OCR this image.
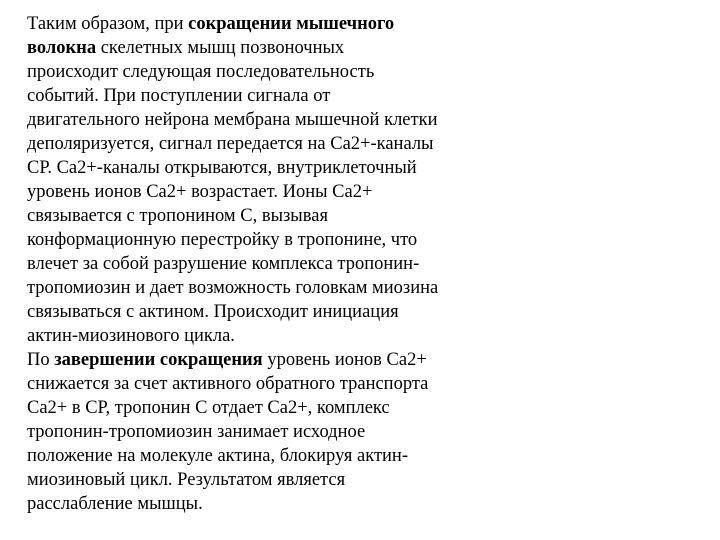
Таким образом, при сокращении мышечного
волокна скелетных мышц позвоночных
происходит следующая последовательность
событий. При поступлении сигнала от
двигательного нейрона мембрана мышечной клетки
деполяризуется, сигнал передается на Са2+-каналы
СР. Са2+-каналы открываются, внутриклеточный
уровень ионов Са2+ возрастает. Ионы Са2+
связывается с тропонином С, вызывая
конформационную перестройку в тропонине, что
влечет за собой разрушение комплекса тропонин-
тропомиозин и дает возможность головкам миозина
связываться с актином. Происходит инициация
актин-миозинового цикла.
По завершении сокращения уровень ионов Са2+
снижается за счет активного обратного транспорта
Са2+ в СР, тропонин С отдает Са2+, комплекс
тропонин-тропомиозин занимает исходное
положение на молекуле актина, блокируя актин-
миозиновый цикл. Результатом является
расслабление мышцы.
